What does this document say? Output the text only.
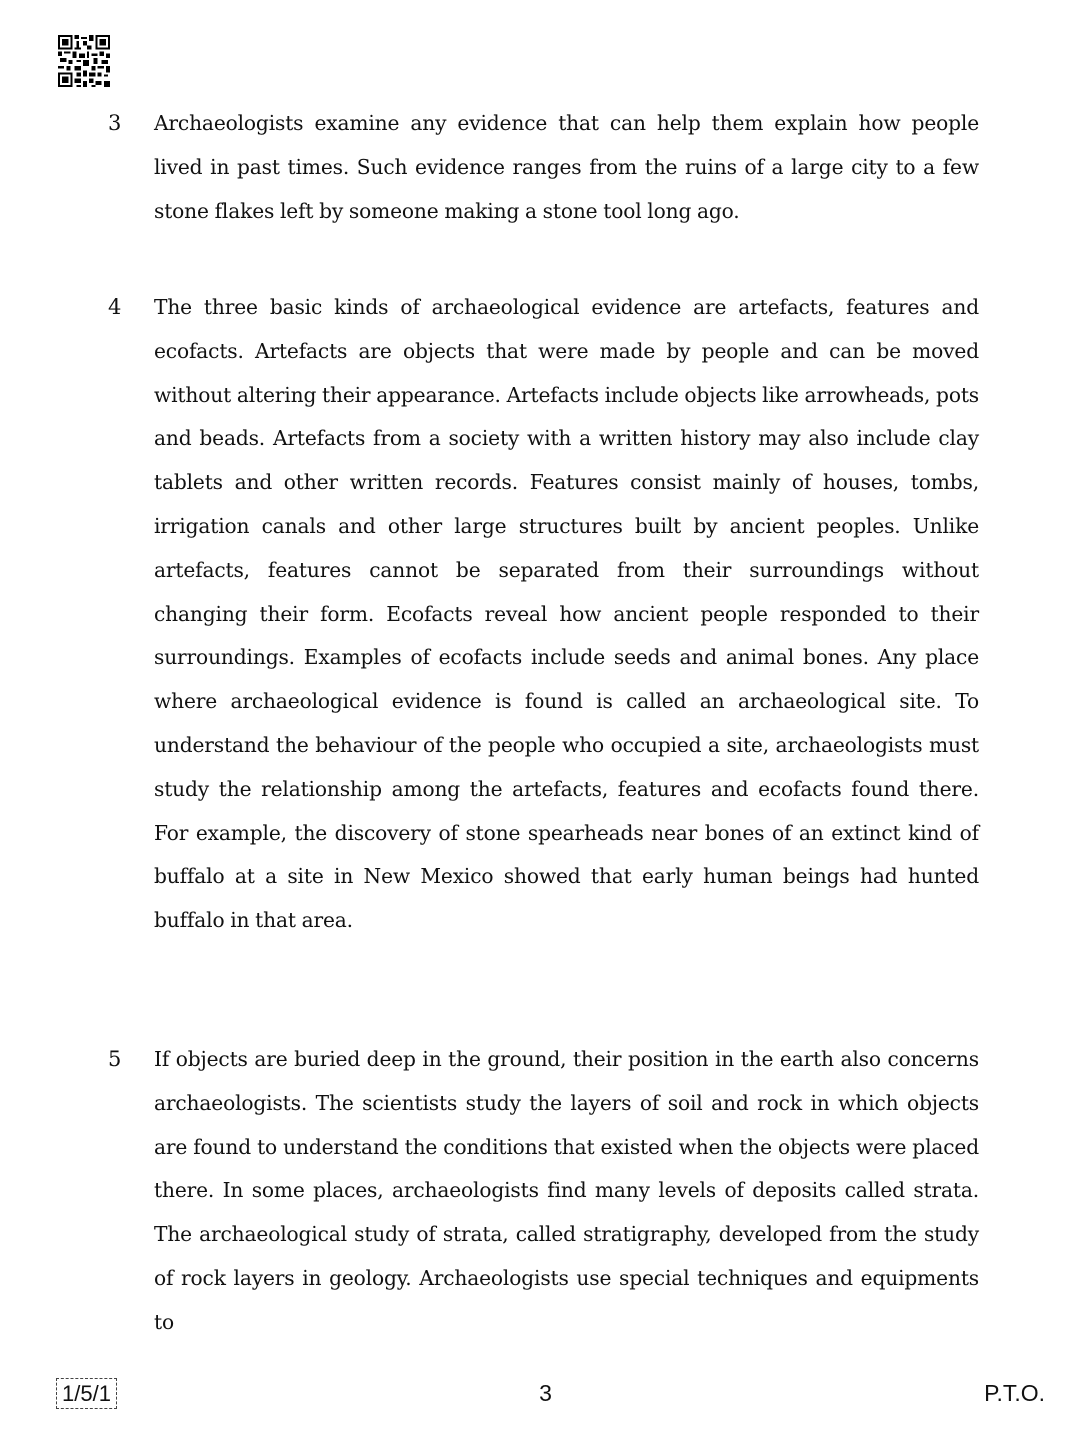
3 Archaeologists examine any evidence that can help them explain how people lived in past times. Such evidence ranges from the ruins of a large city to a few stone flakes left by someone making a stone tool long ago.

4 The three basic kinds of archaeological evidence are artefacts, features and ecofacts. Artefacts are objects that were made by people and can be moved without altering their appearance. Artefacts include objects like arrowheads, pots and beads. Artefacts from a society with a written history may also include clay tablets and other written records. Features consist mainly of houses, tombs, irrigation canals and other large structures built by ancient peoples. Unlike artefacts, features cannot be separated from their surroundings without changing their form. Ecofacts reveal how ancient people responded to their surroundings. Examples of ecofacts include seeds and animal bones. Any place where archaeological evidence is found is called an archaeological site. To understand the behaviour of the people who occupied a site, archaeologists must study the relationship among the artefacts, features and ecofacts found there. For example, the discovery of stone spearheads near bones of an extinct kind of buffalo at a site in New Mexico showed that early human beings had hunted buffalo in that area.

5 If objects are buried deep in the ground, their position in the earth also concerns archaeologists. The scientists study the layers of soil and rock in which objects are found to understand the conditions that existed when the objects were placed there. In some places, archaeologists find many levels of deposits called strata. The archaeological study of strata, called stratigraphy, developed from the study of rock layers in geology. Archaeologists use special techniques and equipments to

1/5/1	3	P.T.O.
